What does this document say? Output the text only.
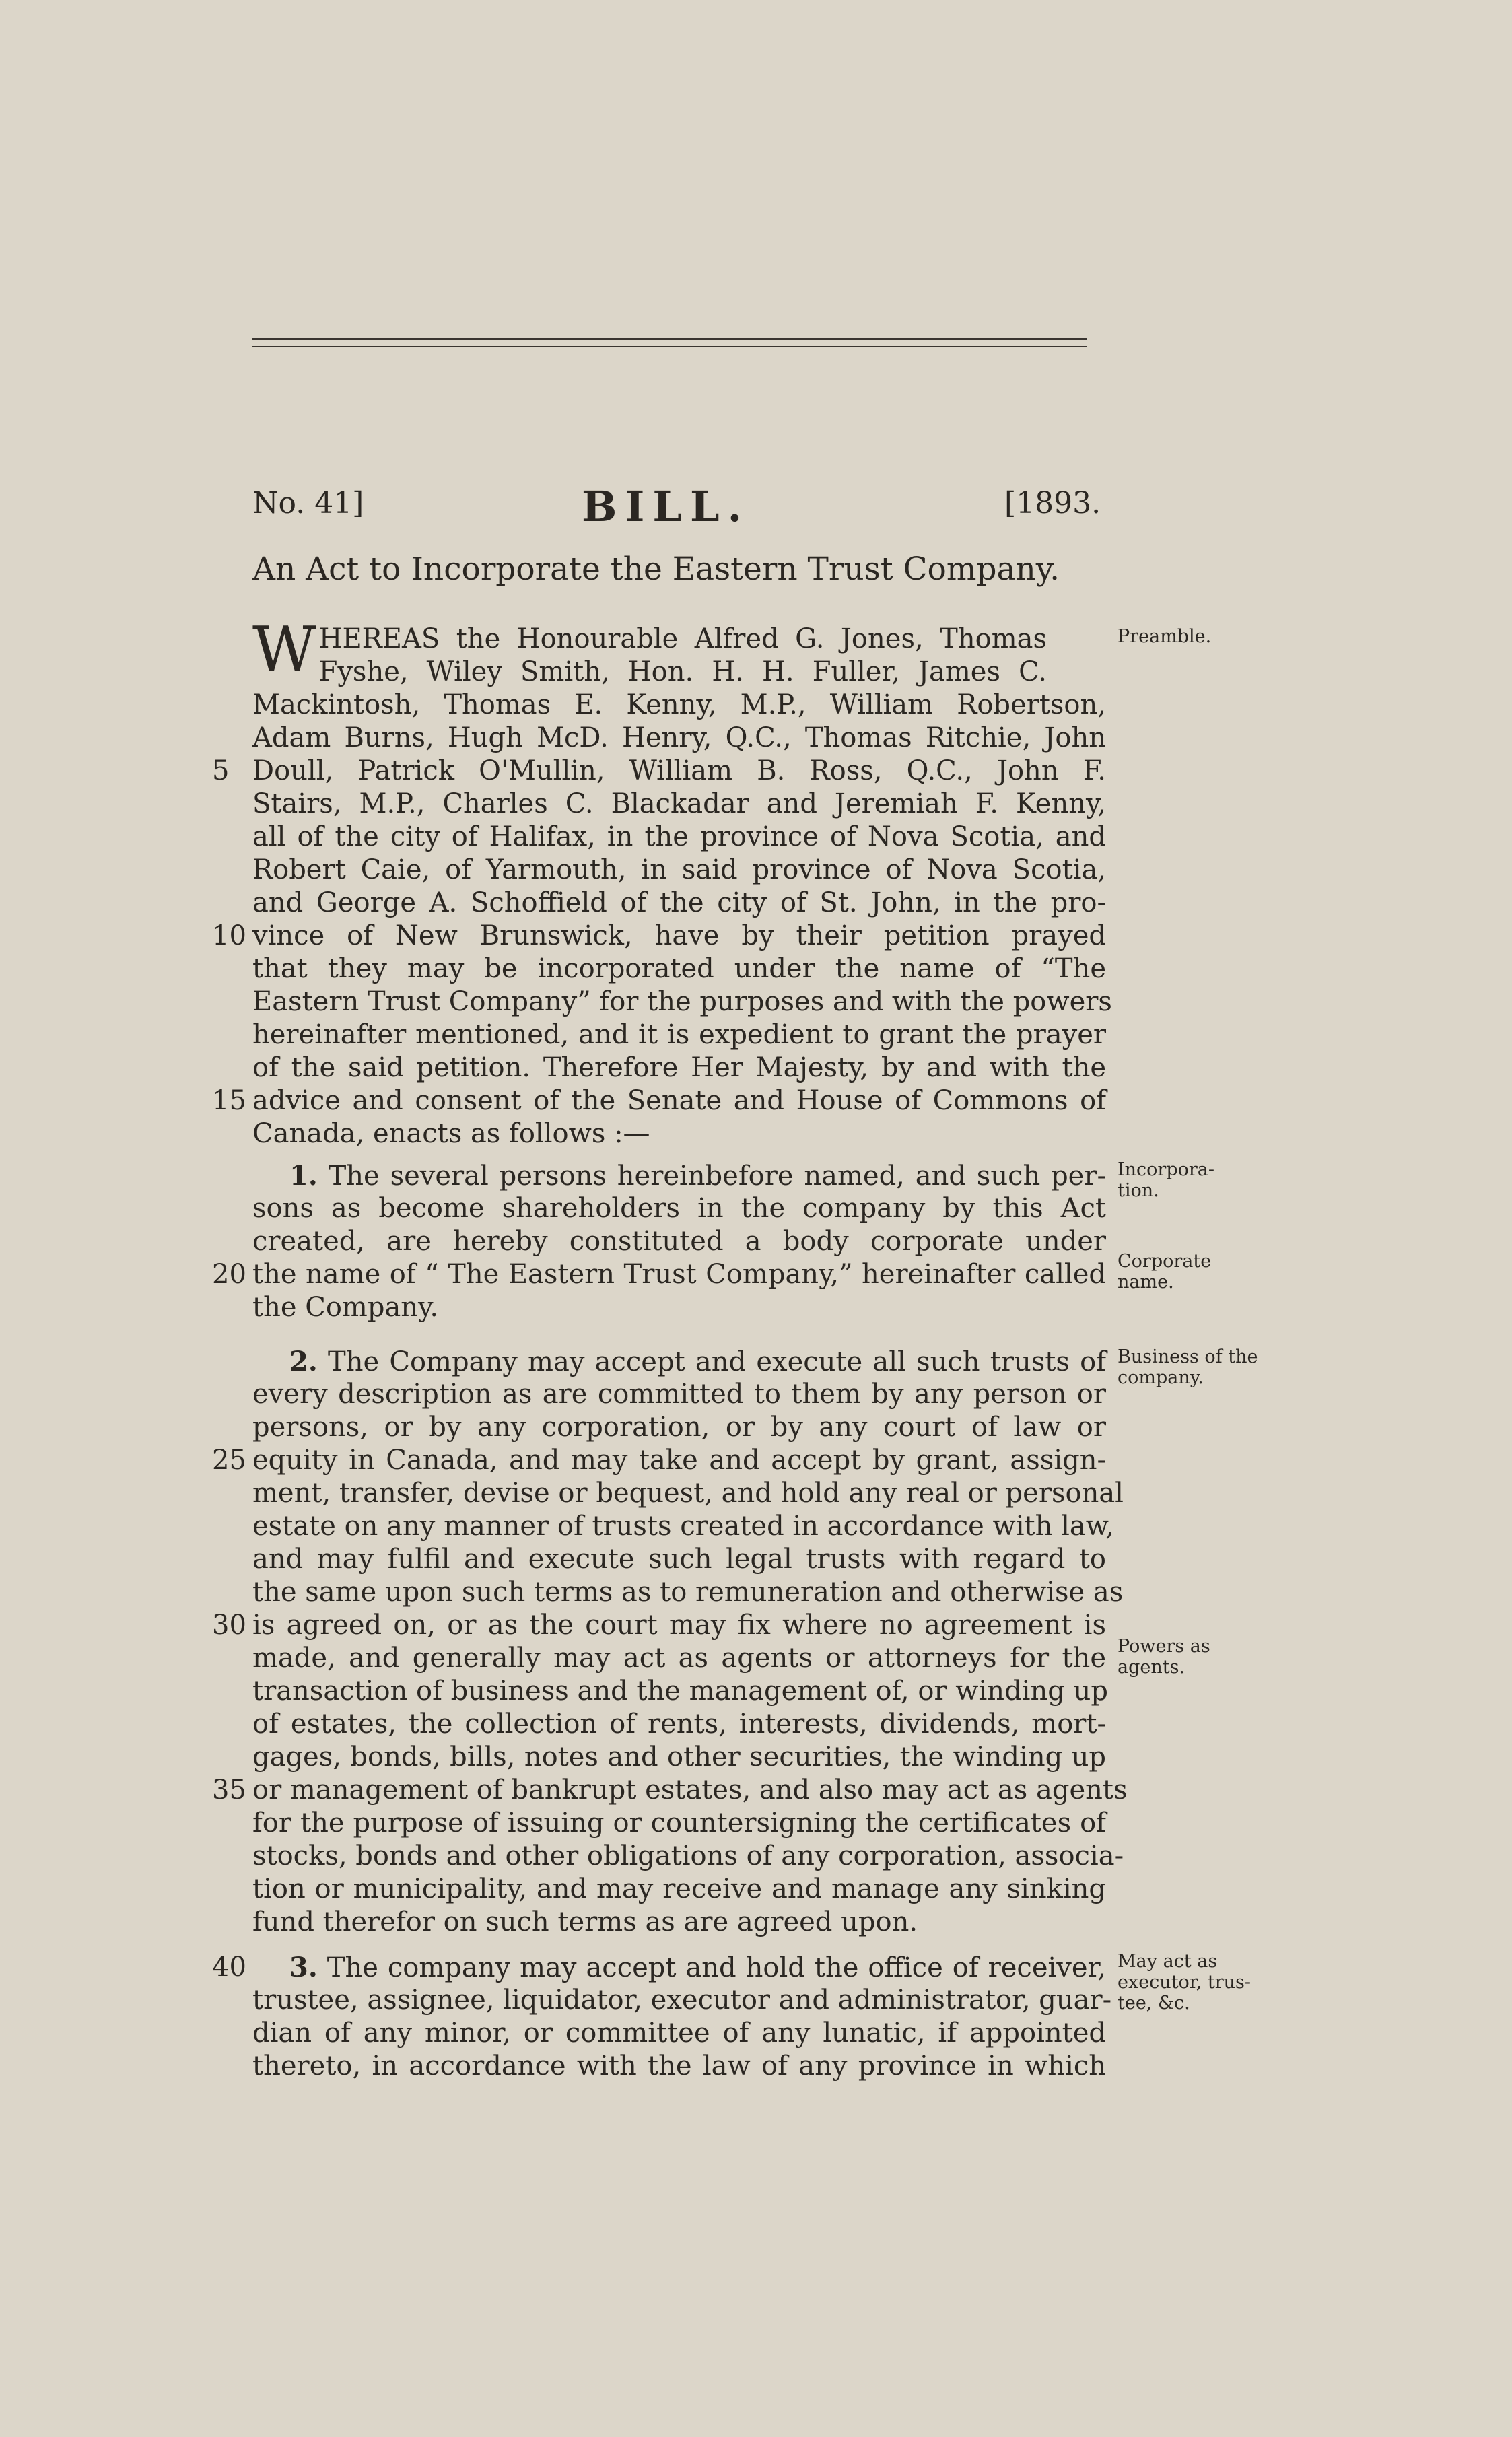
No. 41]	BILL.	[1893.
An Act to Incorporate the Eastern Trust Company.
W HEREAS the Honourable Alfred G. Jones, Thomas
Fyshe, Wiley Smith, Hon. H. H. Fuller, James C.
Mackintosh, Thomas E. Kenny, M.P., William Robertson,
Adam Burns, Hugh McD. Henry, Q.C., Thomas Ritchie, John
Doull, Patrick O'Mullin, William B. Ross, Q.C., John F.
Stairs, M.P., Charles C. Blackadar and Jeremiah F. Kenny,
all of the city of Halifax, in the province of Nova Scotia, and
Robert Caie, of Yarmouth, in said province of Nova Scotia,
and George A. Schoffield of the city of St. John, in the pro-
vince of New Brunswick, have by their petition prayed
that they may be incorporated under the name of “The
Eastern Trust Company” for the purposes and with the powers
hereinafter mentioned, and it is expedient to grant the prayer
of the said petition. Therefore Her Majesty, by and with the
advice and consent of the Senate and House of Commons of
Canada, enacts as follows :—
5
10
15
1. The several persons hereinbefore named, and such per-
sons as become shareholders in the company by this Act
created, are hereby constituted a body corporate under
the name of “ The Eastern Trust Company,” hereinafter called
the Company.
20
2. The Company may accept and execute all such trusts of
every description as are committed to them by any person or
persons, or by any corporation, or by any court of law or
equity in Canada, and may take and accept by grant, assign-
ment, transfer, devise or bequest, and hold any real or personal
estate on any manner of trusts created in accordance with law,
and may fulfil and execute such legal trusts with regard to
the same upon such terms as to remuneration and otherwise as
is agreed on, or as the court may fix where no agreement is
made, and generally may act as agents or attorneys for the
transaction of business and the management of, or winding up
of estates, the collection of rents, interests, dividends, mort-
gages, bonds, bills, notes and other securities, the winding up
or management of bankrupt estates, and also may act as agents
for the purpose of issuing or countersigning the certificates of
stocks, bonds and other obligations of any corporation, associa-
tion or municipality, and may receive and manage any sinking
fund therefor on such terms as are agreed upon.
25
30
35
3. The company may accept and hold the office of receiver,
trustee, assignee, liquidator, executor and administrator, guar-
dian of any minor, or committee of any lunatic, if appointed
thereto, in accordance with the law of any province in which
40
Preamble.
Incorpora-tion.
Corporate name.
Business of the company.
Powers as agents.
May act as executor, trus-tee, &c.
